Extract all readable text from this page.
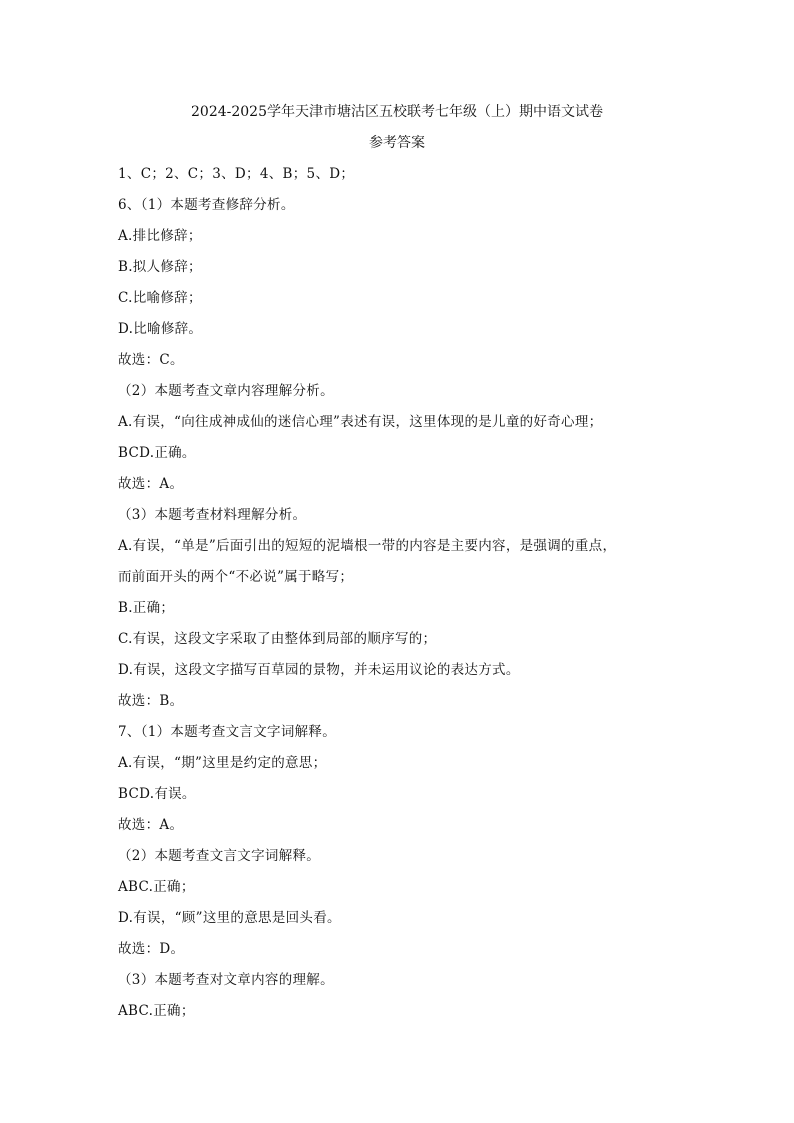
2024-2025学年天津市塘沽区五校联考七年级（上）期中语文试卷
参考答案
1、C；2、C；3、D；4、B；5、D；
6、（1）本题考查修辞分析。
A.排比修辞；
B.拟人修辞；
C.比喻修辞；
D.比喻修辞。
故选：C。
（2）本题考查文章内容理解分析。
A.有误，“向往成神成仙的迷信心理”表述有误，这里体现的是儿童的好奇心理；
BCD.正确。
故选：A。
（3）本题考查材料理解分析。
A.有误，“单是”后面引出的短短的泥墙根一带的内容是主要内容，是强调的重点，
而前面开头的两个“不必说”属于略写；
B.正确；
C.有误，这段文字采取了由整体到局部的顺序写的；
D.有误，这段文字描写百草园的景物，并未运用议论的表达方式。
故选：B。
7、（1）本题考查文言文字词解释。
A.有误，“期”这里是约定的意思；
BCD.有误。
故选：A。
（2）本题考查文言文字词解释。
ABC.正确；
D.有误，“顾”这里的意思是回头看。
故选：D。
（3）本题考查对文章内容的理解。
ABC.正确；
